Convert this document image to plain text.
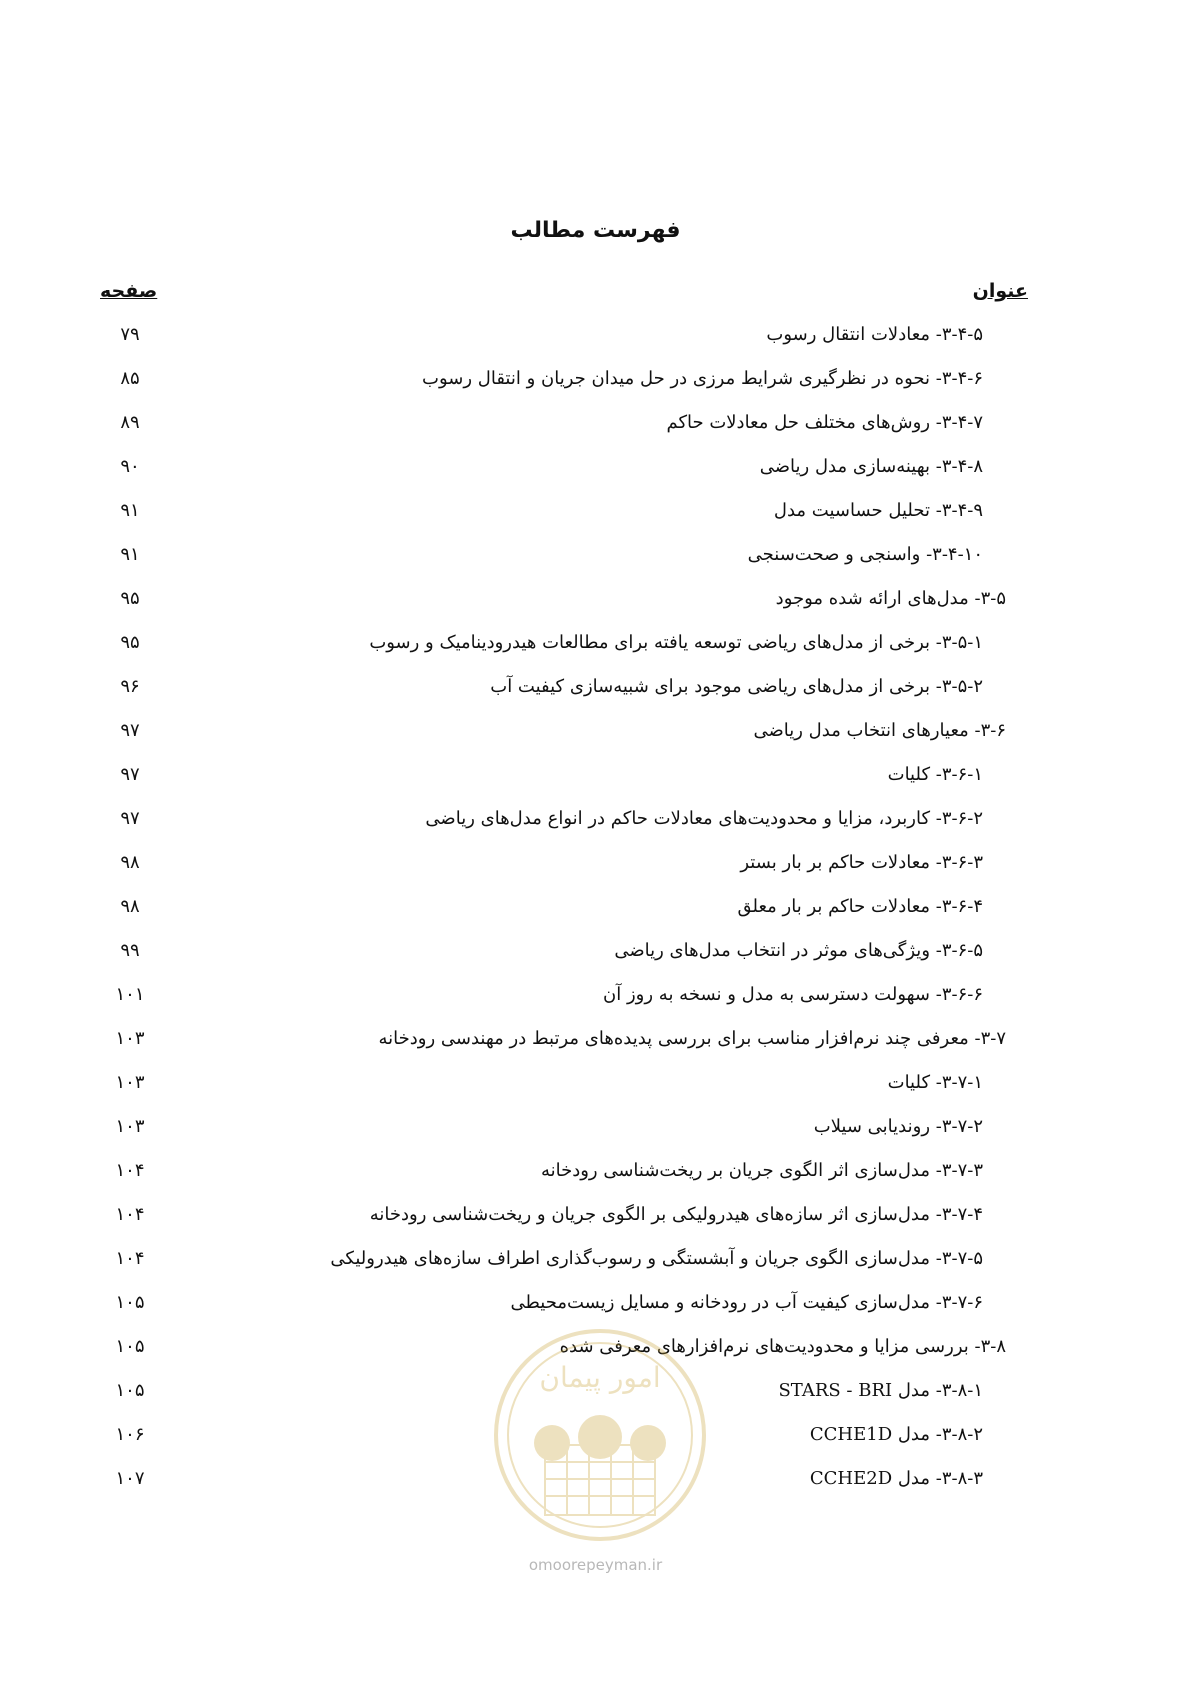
فهرست مطالب
عنوان
صفحه
۳-۴-۵- معادلات انتقال رسوب
۷۹
۳-۴-۶- نحوه در نظرگیری شرایط مرزی در حل میدان جریان و انتقال رسوب
۸۵
۳-۴-۷- روش‌های مختلف حل معادلات حاکم
۸۹
۳-۴-۸- بهینه‌سازی مدل ریاضی
۹۰
۳-۴-۹- تحلیل حساسیت مدل
۹۱
۳-۴-۱۰- واسنجی و صحت‌سنجی
۹۱
۳-۵- مدل‌های ارائه شده موجود
۹۵
۳-۵-۱- برخی از مدل‌های ریاضی توسعه یافته برای مطالعات هیدرودینامیک و رسوب
۹۵
۳-۵-۲- برخی از مدل‌های ریاضی موجود برای شبیه‌سازی کیفیت آب
۹۶
۳-۶- معیارهای انتخاب مدل ریاضی
۹۷
۳-۶-۱- کلیات
۹۷
۳-۶-۲- کاربرد، مزایا و محدودیت‌های معادلات حاکم در انواع مدل‌های ریاضی
۹۷
۳-۶-۳- معادلات حاکم بر بار بستر
۹۸
۳-۶-۴- معادلات حاکم بر بار معلق
۹۸
۳-۶-۵- ویژگی‌های موثر در انتخاب مدل‌های ریاضی
۹۹
۳-۶-۶- سهولت دسترسی به مدل و نسخه به روز آن
۱۰۱
۳-۷- معرفی چند نرم‌افزار مناسب برای بررسی پدیده‌های مرتبط در مهندسی رودخانه
۱۰۳
۳-۷-۱- کلیات
۱۰۳
۳-۷-۲- روندیابی سیلاب
۱۰۳
۳-۷-۳- مدل‌سازی اثر الگوی جریان بر ریخت‌شناسی رودخانه
۱۰۴
۳-۷-۴- مدل‌سازی اثر سازه‌های هیدرولیکی بر الگوی جریان و ریخت‌شناسی رودخانه
۱۰۴
۳-۷-۵- مدل‌سازی الگوی جریان و آبشستگی و رسوب‌گذاری اطراف سازه‌های هیدرولیکی
۱۰۴
۳-۷-۶- مدل‌سازی کیفیت آب در رودخانه و مسایل زیست‌محیطی
۱۰۵
۳-۸- بررسی مزایا و محدودیت‌های نرم‌افزارهای معرفی شده
۱۰۵
۳-۸-۱- مدل STARS - BRI
۱۰۵
۳-۸-۲- مدل CCHE1D
۱۰۶
۳-۸-۳- مدل CCHE2D
۱۰۷
امور پیمان
omoorepeyman.ir
